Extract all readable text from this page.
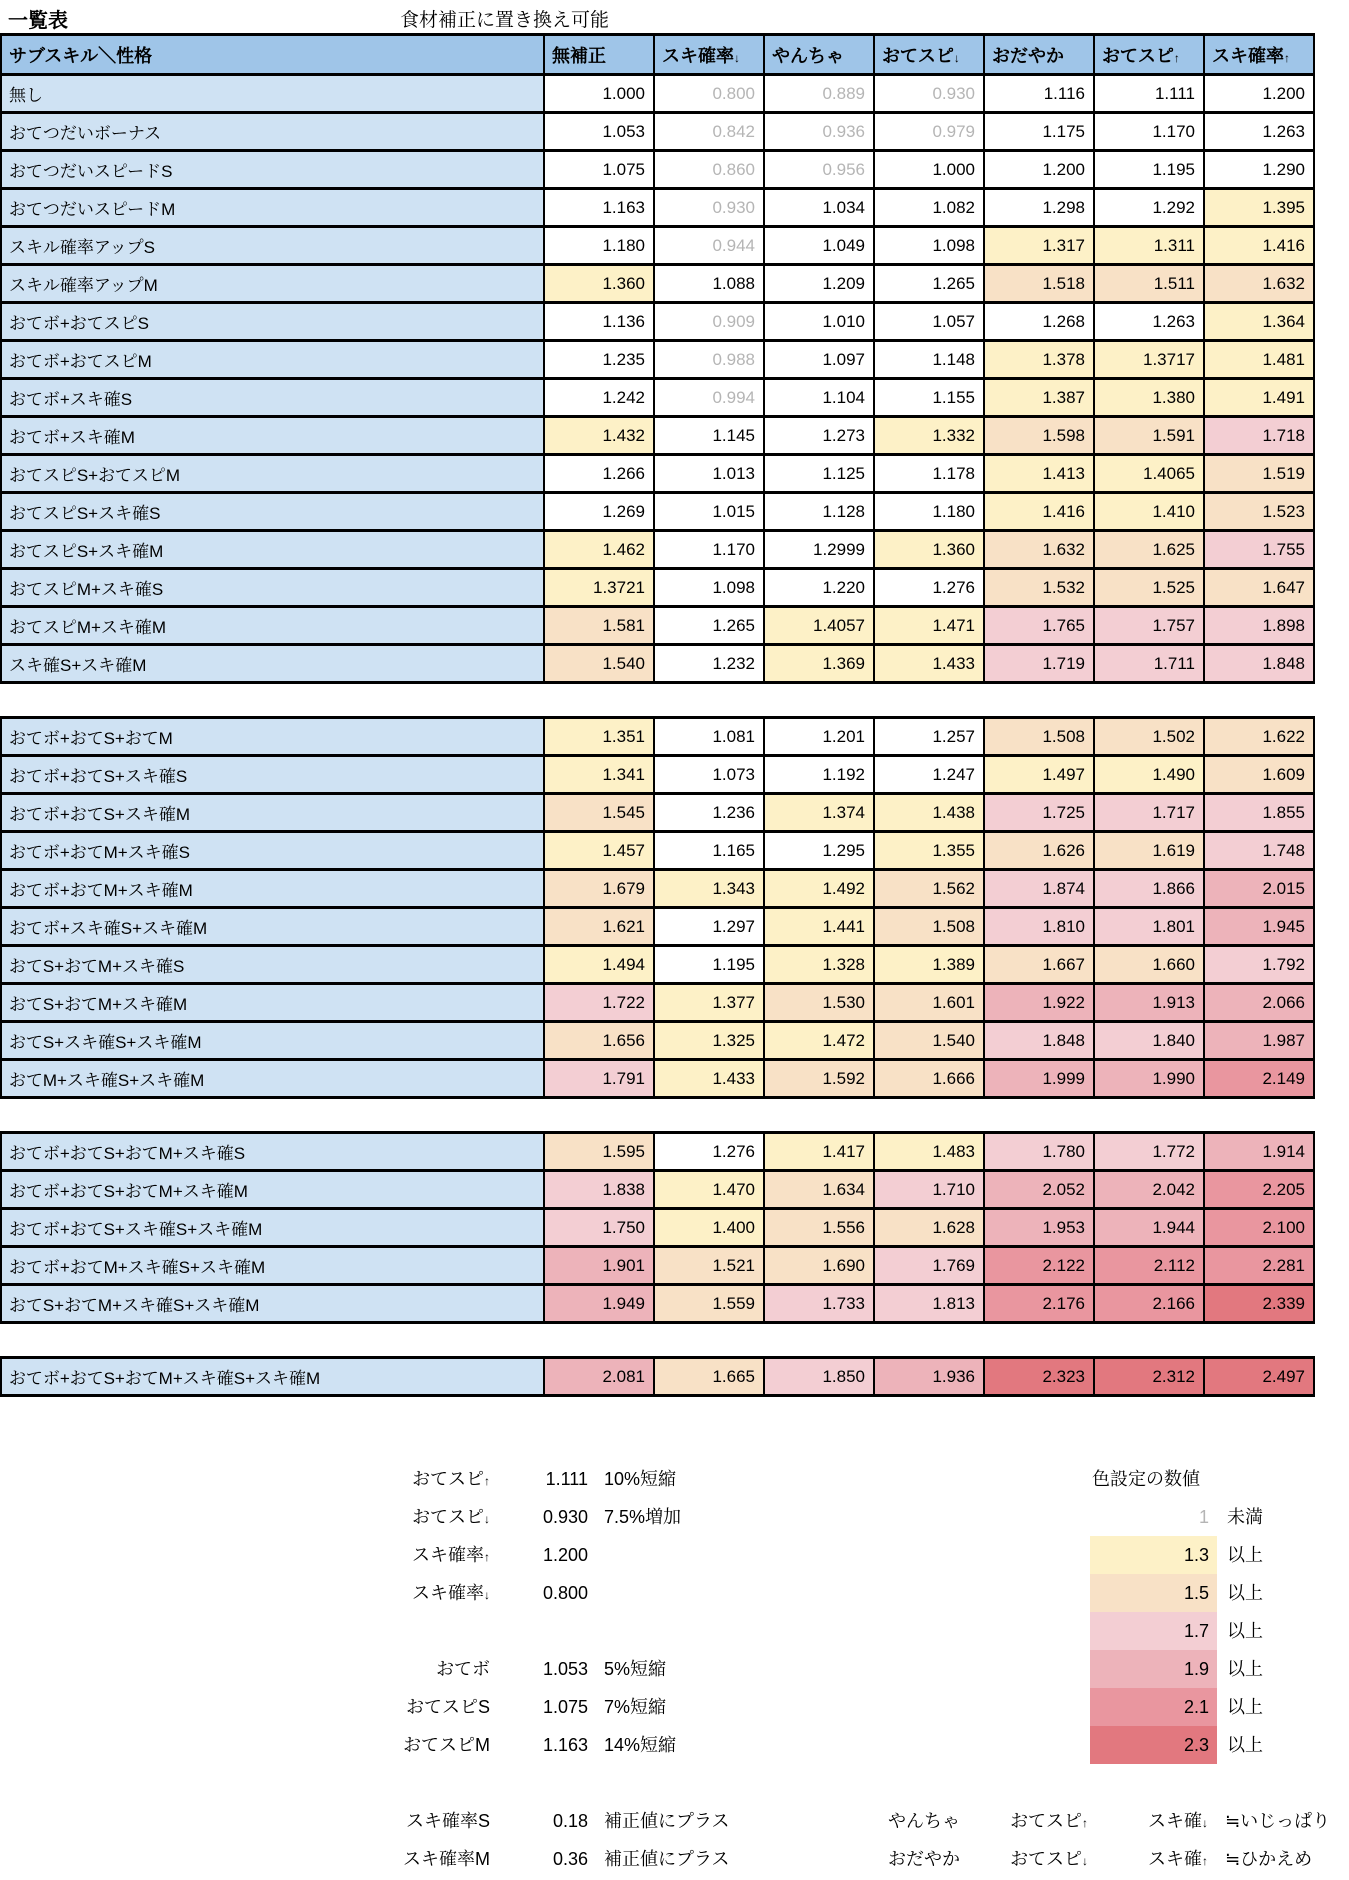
一覧表	食材補正に置き換え可能
サブスキル＼性格	無補正	スキ確率↓	やんちゃ	おてスピ↓	おだやか	おてスピ↑	スキ確率↑
無し	1.000	0.800	0.889	0.930	1.116	1.111	1.200
おてつだいボーナス	1.053	0.842	0.936	0.979	1.175	1.170	1.263
おてつだいスピードS	1.075	0.860	0.956	1.000	1.200	1.195	1.290
おてつだいスピードM	1.163	0.930	1.034	1.082	1.298	1.292	1.395
スキル確率アップS	1.180	0.944	1.049	1.098	1.317	1.311	1.416
スキル確率アップM	1.360	1.088	1.209	1.265	1.518	1.511	1.632
おてボ+おてスピS	1.136	0.909	1.010	1.057	1.268	1.263	1.364
おてボ+おてスピM	1.235	0.988	1.097	1.148	1.378	1.3717	1.481
おてボ+スキ確S	1.242	0.994	1.104	1.155	1.387	1.380	1.491
おてボ+スキ確M	1.432	1.145	1.273	1.332	1.598	1.591	1.718
おてスピS+おてスピM	1.266	1.013	1.125	1.178	1.413	1.4065	1.519
おてスピS+スキ確S	1.269	1.015	1.128	1.180	1.416	1.410	1.523
おてスピS+スキ確M	1.462	1.170	1.2999	1.360	1.632	1.625	1.755
おてスピM+スキ確S	1.3721	1.098	1.220	1.276	1.532	1.525	1.647
おてスピM+スキ確M	1.581	1.265	1.4057	1.471	1.765	1.757	1.898
スキ確S+スキ確M	1.540	1.232	1.369	1.433	1.719	1.711	1.848
おてボ+おてS+おてM	1.351	1.081	1.201	1.257	1.508	1.502	1.622
おてボ+おてS+スキ確S	1.341	1.073	1.192	1.247	1.497	1.490	1.609
おてボ+おてS+スキ確M	1.545	1.236	1.374	1.438	1.725	1.717	1.855
おてボ+おてM+スキ確S	1.457	1.165	1.295	1.355	1.626	1.619	1.748
おてボ+おてM+スキ確M	1.679	1.343	1.492	1.562	1.874	1.866	2.015
おてボ+スキ確S+スキ確M	1.621	1.297	1.441	1.508	1.810	1.801	1.945
おてS+おてM+スキ確S	1.494	1.195	1.328	1.389	1.667	1.660	1.792
おてS+おてM+スキ確M	1.722	1.377	1.530	1.601	1.922	1.913	2.066
おてS+スキ確S+スキ確M	1.656	1.325	1.472	1.540	1.848	1.840	1.987
おてM+スキ確S+スキ確M	1.791	1.433	1.592	1.666	1.999	1.990	2.149
おてボ+おてS+おてM+スキ確S	1.595	1.276	1.417	1.483	1.780	1.772	1.914
おてボ+おてS+おてM+スキ確M	1.838	1.470	1.634	1.710	2.052	2.042	2.205
おてボ+おてS+スキ確S+スキ確M	1.750	1.400	1.556	1.628	1.953	1.944	2.100
おてボ+おてM+スキ確S+スキ確M	1.901	1.521	1.690	1.769	2.122	2.112	2.281
おてS+おてM+スキ確S+スキ確M	1.949	1.559	1.733	1.813	2.176	2.166	2.339
おてボ+おてS+おてM+スキ確S+スキ確M	2.081	1.665	1.850	1.936	2.323	2.312	2.497
おてスピ↑	1.111 10%短縮
おてスピ↓	0.930 7.5%増加
スキ確率↑	1.200
スキ確率↓	0.800
おてボ	1.053 5%短縮
おてスピS	1.075 7%短縮
おてスピM	1.163 14%短縮
スキ確率S	0.18 補正値にプラス
スキ確率M	0.36 補正値にプラス
色設定の数値
1	未満
1.3	以上
1.5	以上
1.7	以上
1.9	以上
2.1	以上
2.3	以上
やんちゃ	おてスピ↑	スキ確↓ ≒いじっぱり
おだやか	おてスピ↓	スキ確↑ ≒ひかえめ
